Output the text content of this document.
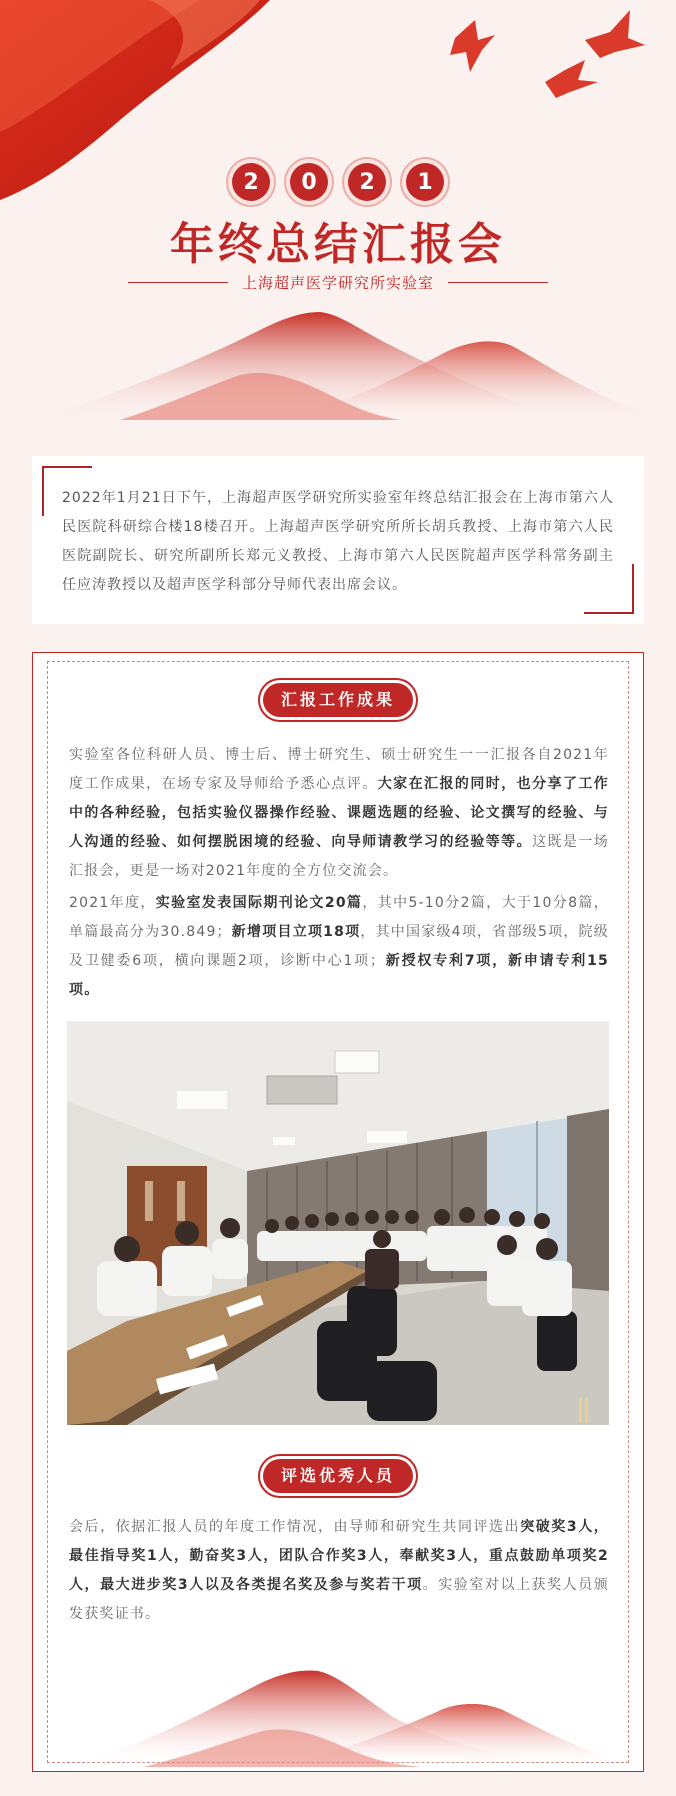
2	0	2	1
年终总结汇报会
上海超声医学研究所实验室

2022年1月21日下午，上海超声医学研究所实验室年终总结汇报会在上海市第六人民医院科研综合楼18楼召开。上海超声医学研究所所长胡兵教授、上海市第六人民医院副院长、研究所副所长郑元义教授、上海市第六人民医院超声医学科常务副主任应涛教授以及超声医学科部分导师代表出席会议。

汇报工作成果

实验室各位科研人员、博士后、博士研究生、硕士研究生一一汇报各自2021年度工作成果，在场专家及导师给予悉心点评。大家在汇报的同时，也分享了工作中的各种经验，包括实验仪器操作经验、课题选题的经验、论文撰写的经验、与人沟通的经验、如何摆脱困境的经验、向导师请教学习的经验等等。这既是一场汇报会，更是一场对2021年度的全方位交流会。

2021年度，实验室发表国际期刊论文20篇，其中5-10分2篇，大于10分8篇，单篇最高分为30.849；新增项目立项18项，其中国家级4项，省部级5项，院级及卫健委6项，横向课题2项，诊断中心1项；新授权专利7项，新申请专利15项。

评选优秀人员

会后，依据汇报人员的年度工作情况，由导师和研究生共同评选出突破奖3人，最佳指导奖1人，勤奋奖3人，团队合作奖3人，奉献奖3人，重点鼓励单项奖2人，最大进步奖3人以及各类提名奖及参与奖若干项。实验室对以上获奖人员颁发获奖证书。
